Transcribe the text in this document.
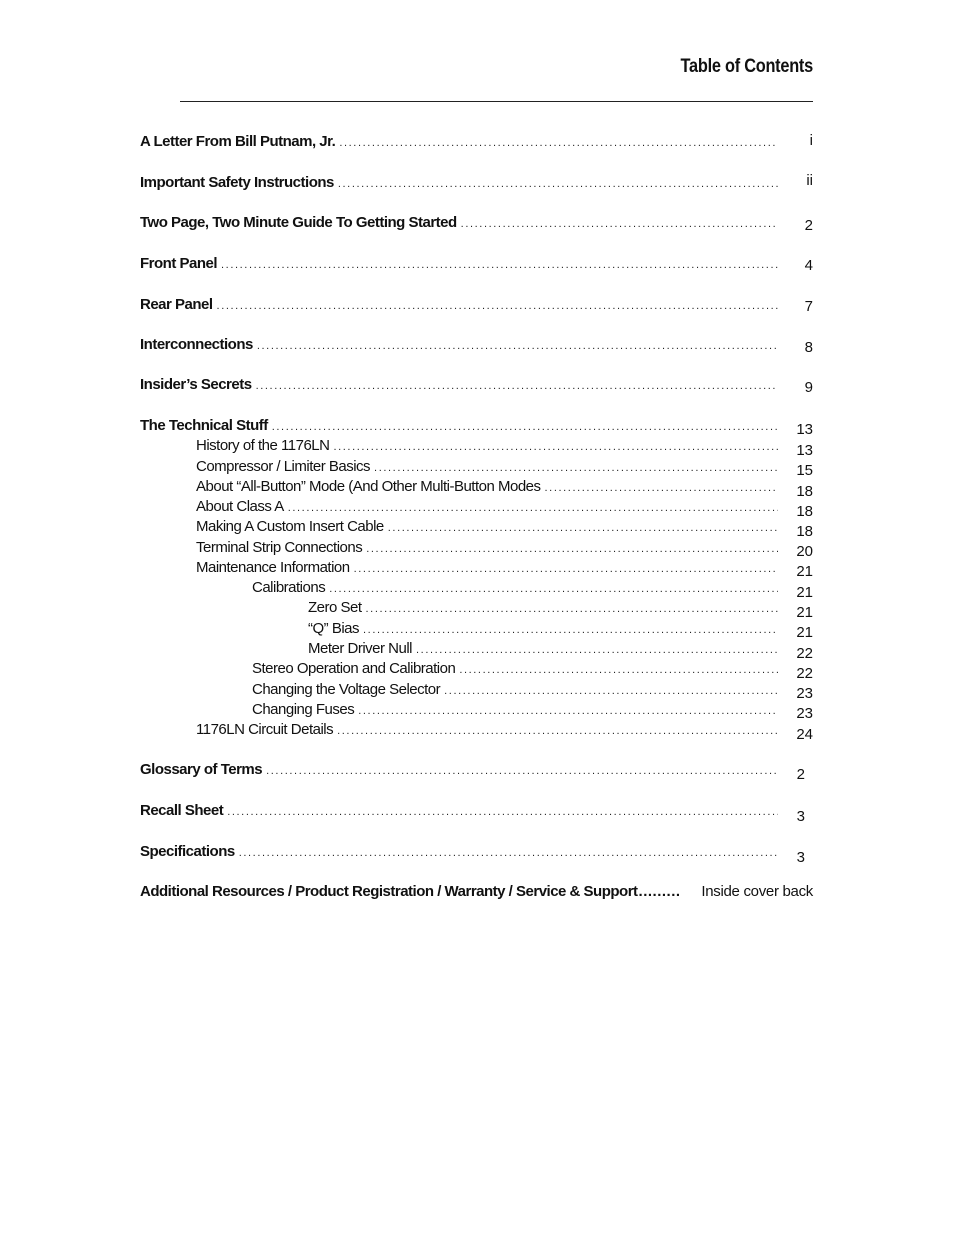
Table of Contents
A Letter From Bill Putnam, Jr. .....	i
Important Safety Instructions .....	ii
Two Page, Two Minute Guide To Getting Started .....	2
Front Panel .....	4
Rear Panel .....	7
Interconnections .....	8
Insider’s Secrets .....	9
The Technical Stuff .....	13
History of the 1176LN .....	13
Compressor / Limiter Basics .....	15
About “All-Button” Mode (And Other Multi-Button Modes .....	18
About Class A .....	18
Making A Custom Insert Cable .....	18
Terminal Strip Connections .....	20
Maintenance Information .....	21
Calibrations .....	21
Zero Set .....	21
“Q” Bias .....	21
Meter Driver Null .....	22
Stereo Operation and Calibration .....	22
Changing the Voltage Selector .....	23
Changing Fuses .....	23
1176LN Circuit Details .....	24
Glossary of Terms .....	2
Recall Sheet .....	3
Specifications .....	3
Additional Resources / Product Registration / Warranty / Service & Support ......... Inside cover back
